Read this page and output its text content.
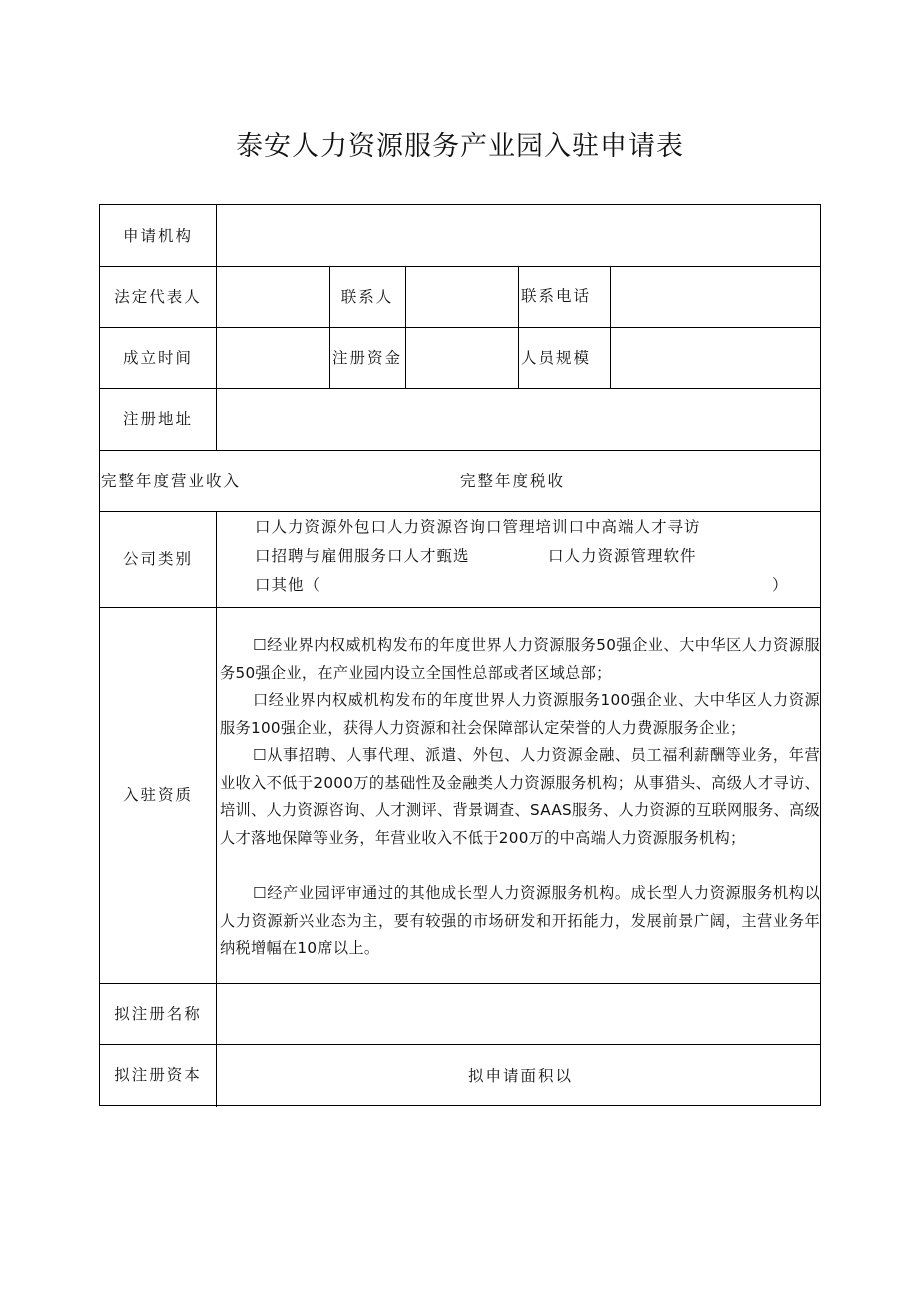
泰安人力资源服务产业园入驻申请表
申请机构
法定代表人	联系人	联系电话
成立时间	注册资金	人员规模
注册地址
完整年度营业收入	完整年度税收
公司类别
口人力资源外包口人力资源咨询口管理培训口中高端人才寻访
口招聘与雇佣服务口人才甄选	口人力资源管理软件
口其他（	）
入驻资质
☐经业界内权威机构发布的年度世界人力资源服务50强企业、大中华区人力资源服务50强企业，在产业园内设立全国性总部或者区域总部；
口经业界内权威机构发布的年度世界人力资源服务100强企业、大中华区人力资源服务100强企业，获得人力资源和社会保障部认定荣誉的人力费源服务企业；
☐从事招聘、人事代理、派遣、外包、人力资源金融、员工福利薪酬等业务，年营业收入不低于2000万的基础性及金融类人力资源服务机构；从事猎头、高级人才寻访、培训、人力资源咨询、人才测评、背景调查、SAAS服务、人力资源的互联网服务、高级人才落地保障等业务，年营业收入不低于200万的中高端人力资源服务机构；
☐经产业园评审通过的其他成长型人力资源服务机构。成长型人力资源服务机构以人力资源新兴业态为主，要有较强的市场研发和开拓能力，发展前景广阔，主营业务年纳税增幅在10席以上。
拟注册名称
拟注册资本	拟申请面积以
